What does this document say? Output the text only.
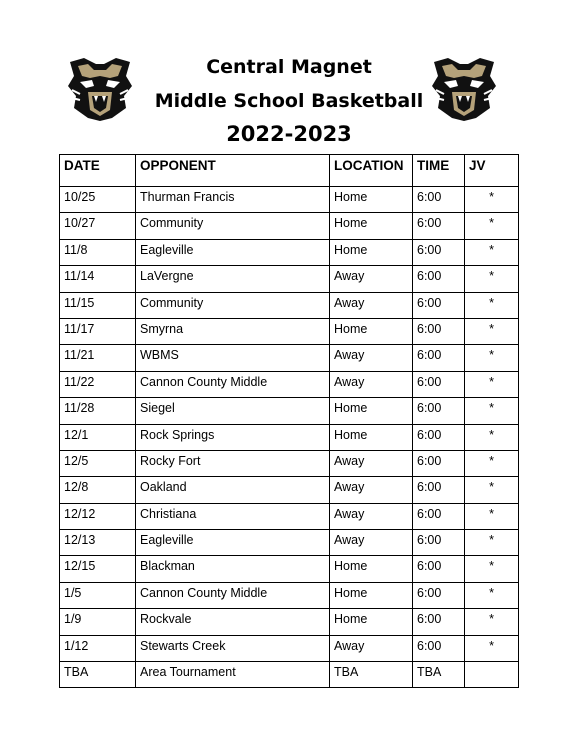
Central Magnet
Middle School Basketball
2022-2023
DATE	OPPONENT	LOCATION	TIME	JV
10/25	Thurman Francis	Home	6:00	*
10/27	Community	Home	6:00	*
11/8	Eagleville	Home	6:00	*
11/14	LaVergne	Away	6:00	*
11/15	Community	Away	6:00	*
11/17	Smyrna	Home	6:00	*
11/21	WBMS	Away	6:00	*
11/22	Cannon County Middle	Away	6:00	*
11/28	Siegel	Home	6:00	*
12/1	Rock Springs	Home	6:00	*
12/5	Rocky Fort	Away	6:00	*
12/8	Oakland	Away	6:00	*
12/12	Christiana	Away	6:00	*
12/13	Eagleville	Away	6:00	*
12/15	Blackman	Home	6:00	*
1/5	Cannon County Middle	Home	6:00	*
1/9	Rockvale	Home	6:00	*
1/12	Stewarts Creek	Away	6:00	*
TBA	Area Tournament	TBA	TBA	
